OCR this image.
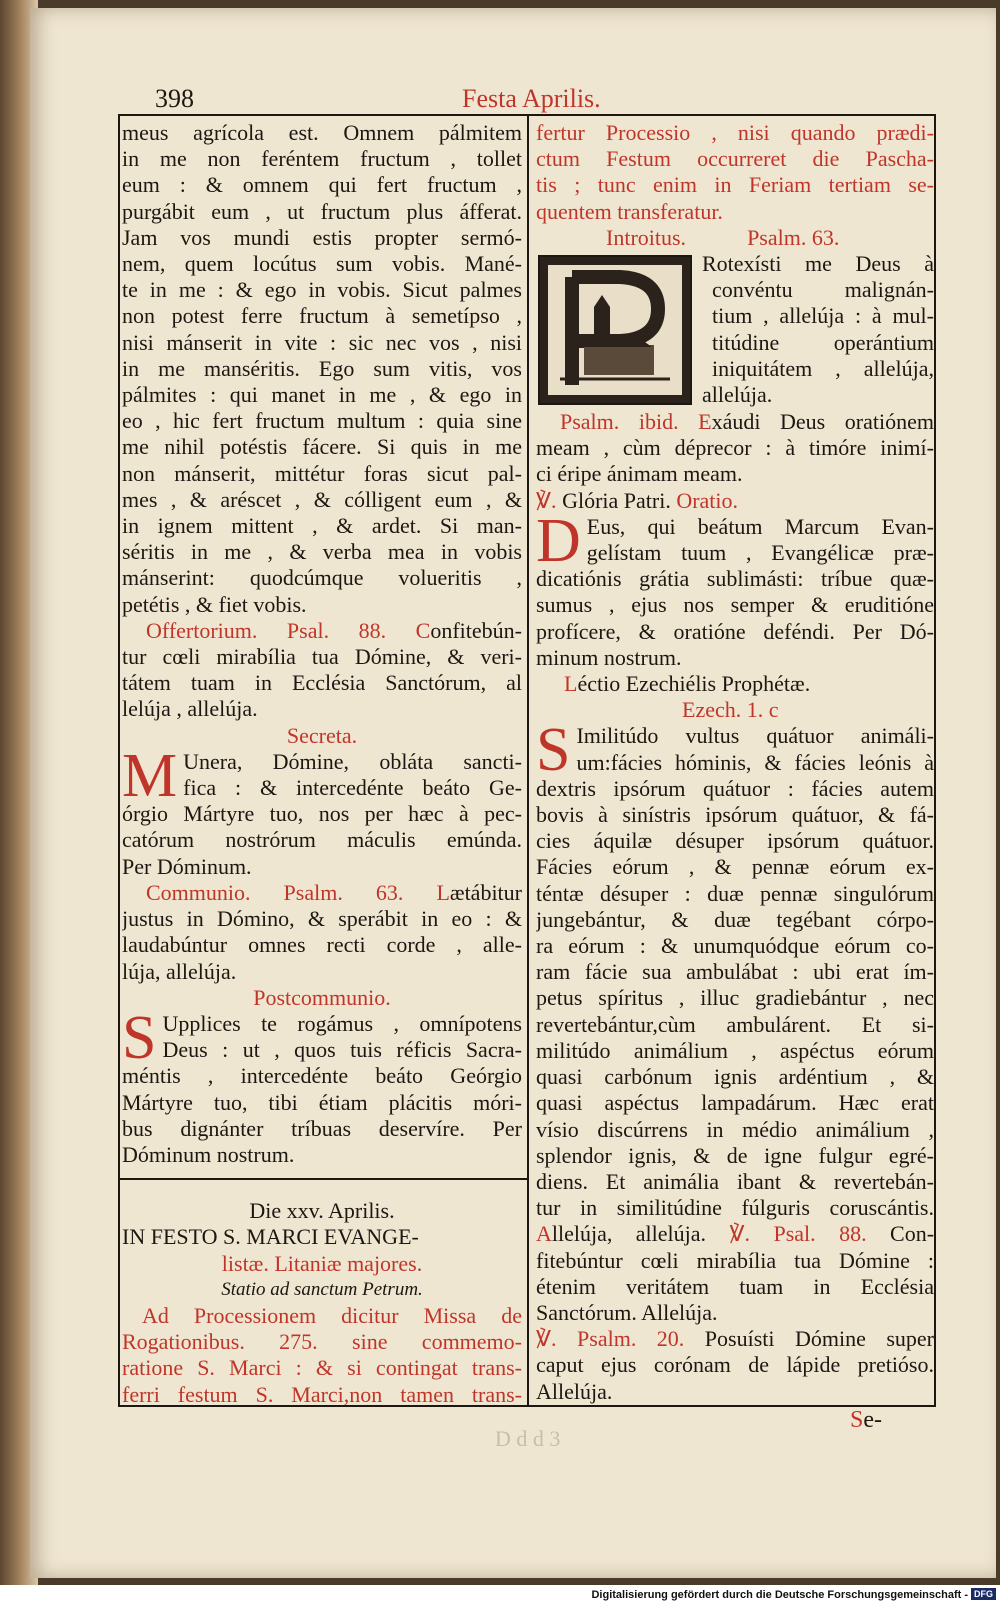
398	Festa Aprilis.
meus agrícola est. Omnem pálmitem
in me non feréntem fructum , tollet
eum : & omnem qui fert fructum ,
purgábit eum , ut fructum plus áfferat.
Jam vos mundi estis propter sermó-
nem, quem locútus sum vobis. Mané-
te in me : & ego in vobis. Sicut palmes
non potest ferre fructum à semetípso ,
nisi mánserit in vite : sic nec vos , nisi
in me manséritis. Ego sum vitis, vos
pálmites : qui manet in me , & ego in
eo , hic fert fructum multum : quia sine
me nihil potéstis fácere. Si quis in me
non mánserit, mittétur foras sicut pal-
mes , & aréscet , & cólligent eum , &
in ignem mittent , & ardet. Si man-
séritis in me , & verba mea in vobis
mánserint: quodcúmque volueritis ,
petétis , & fiet vobis.
Offertorium. Psal. 88. Confitebún-
tur cœli mirabília tua Dómine, & veri-
tátem tuam in Ecclésia Sanctórum, al
lelúja , allelúja.
Secreta.
M Unera, Dómine, obláta sancti-
fica : & intercedénte beáto Ge-
órgio Mártyre tuo, nos per hæc à pec-
catórum nostrórum máculis emúnda.
Per Dóminum.
Communio. Psalm. 63. Lætábitur
justus in Dómino, & sperábit in eo : &
laudabúntur omnes recti corde , alle-
lúja, allelúja.
Postcommunio.
S Upplices te rogámus , omnípotens
Deus : ut , quos tuis réficis Sacra-
méntis , intercedénte beáto Geórgio
Mártyre tuo, tibi étiam plácitis móri-
bus dignánter tríbuas deservíre. Per
Dóminum nostrum.
Die xxv. Aprilis.
IN FESTO S. MARCI EVANGE-
listæ. Litaniæ majores.
Statio ad sanctum Petrum.
Ad Processionem dicitur Missa de
Rogationibus. 275. sine commemo-
ratione S. Marci : & si contingat trans-
ferri festum S. Marci,non tamen trans-
fertur Processio , nisi quando prædi-
ctum Festum occurreret die Pascha-
tis ; tunc enim in Feriam tertiam se-
quentem transferatur.
Introitus.	Psalm. 63.
Rotexísti me Deus à
convéntu malignán-
tium , allelúja : à mul-
titúdine operántium
iniquitátem , allelúja,
allelúja.
Psalm. ibid. Exáudi Deus oratiónem
meam , cùm déprecor : à timóre inimí-
ci éripe ánimam meam.
℣. Glória Patri. Oratio.
D Eus, qui beátum Marcum Evan-
gelístam tuum , Evangélicæ præ-
dicatiónis grátia sublimásti: tríbue quæ-
sumus , ejus nos semper & eruditióne
profícere, & oratióne deféndi. Per Dó-
minum nostrum.
Léctio Ezechiélis Prophétæ.
Ezech. 1. c
S Imilitúdo vultus quátuor animáli-
um:fácies hóminis, & fácies leónis à
dextris ipsórum quátuor : fácies autem
bovis à sinístris ipsórum quátuor, & fá-
cies áquilæ désuper ipsórum quátuor.
Fácies eórum , & pennæ eórum ex-
téntæ désuper : duæ pennæ singulórum
jungebántur, & duæ tegébant córpo-
ra eórum : & unumquódque eórum co-
ram fácie sua ambulábat : ubi erat ím-
petus spíritus , illuc gradiebántur , nec
revertebántur,cùm ambulárent. Et si-
militúdo animálium , aspéctus eórum
quasi carbónum ignis ardéntium , &
quasi aspéctus lampadárum. Hæc erat
vísio discúrrens in médio animálium ,
splendor ignis, & de igne fulgur egré-
diens. Et animália ibant & revertebán-
tur in similitúdine fúlguris coruscántis.
Allelúja, allelúja. ℣. Psal. 88. Con-
fitebúntur cœli mirabília tua Dómine :
étenim veritátem tuam in Ecclésia
Sanctórum. Allelúja.
℣. Psalm. 20. Posuísti Dómine super
caput ejus corónam de lápide pretióso.
Allelúja.
D d d 3
Se-
Digitalisierung gefördert durch die Deutsche Forschungsgemeinschaft - DFG
